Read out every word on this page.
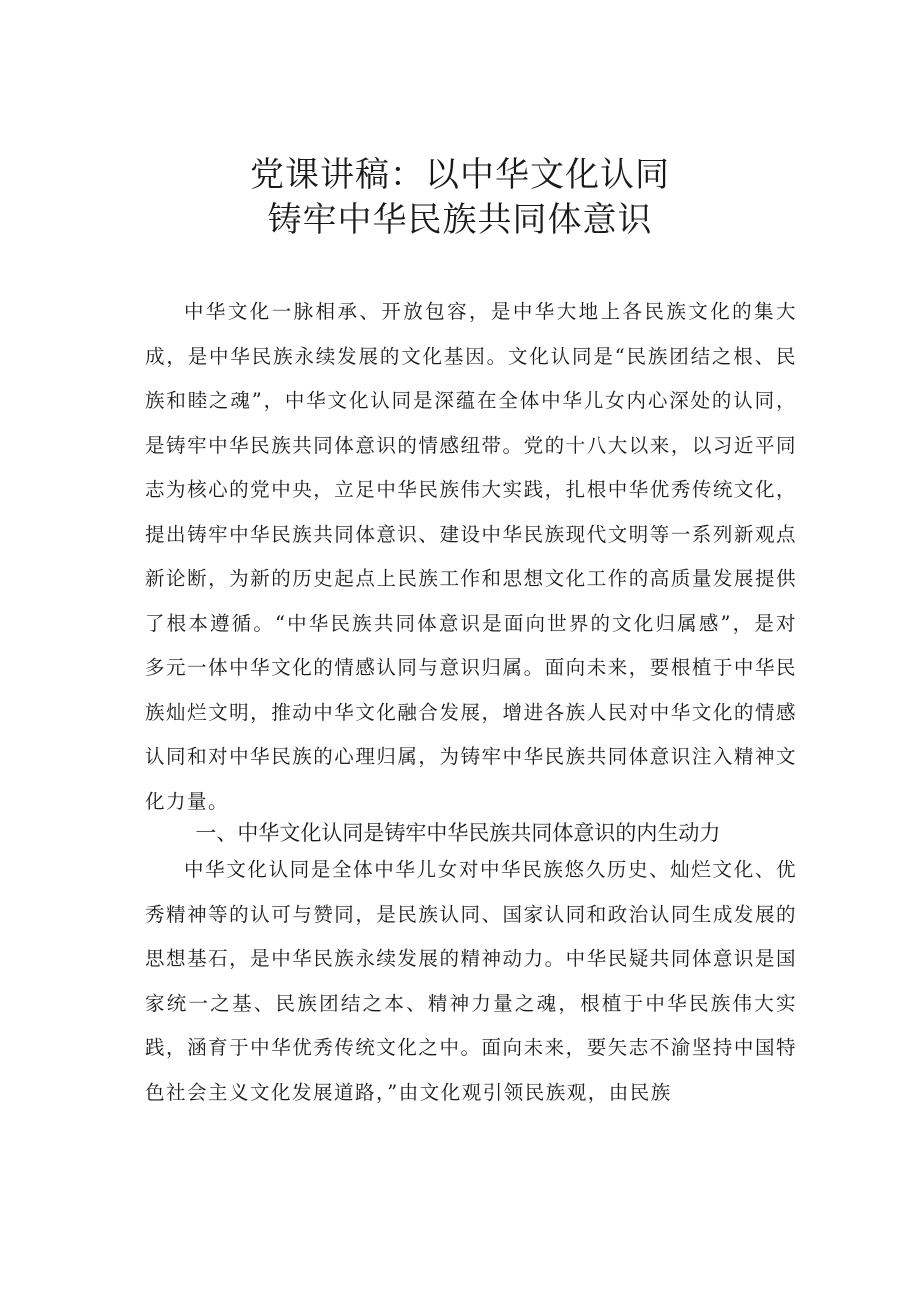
党课讲稿：以中华文化认同
铸牢中华民族共同体意识

中华文化一脉相承、开放包容，是中华大地上各民族文化的集大成，是中华民族永续发展的文化基因。文化认同是“民族团结之根、民族和睦之魂”，中华文化认同是深蕴在全体中华儿女内心深处的认同，是铸牢中华民族共同体意识的情感纽带。党的十八大以来，以习近平同志为核心的党中央，立足中华民族伟大实践，扎根中华优秀传统文化，提出铸牢中华民族共同体意识、建设中华民族现代文明等一系列新观点新论断，为新的历史起点上民族工作和思想文化工作的高质量发展提供了根本遵循。“中华民族共同体意识是面向世界的文化归属感”，是对多元一体中华文化的情感认同与意识归属。面向未来，要根植于中华民族灿烂文明，推动中华文化融合发展，增进各族人民对中华文化的情感认同和对中华民族的心理归属，为铸牢中华民族共同体意识注入精神文化力量。

一、中华文化认同是铸牢中华民族共同体意识的内生动力

中华文化认同是全体中华儿女对中华民族悠久历史、灿烂文化、优秀精神等的认可与赞同，是民族认同、国家认同和政治认同生成发展的思想基石，是中华民族永续发展的精神动力。中华民疑共同体意识是国家统一之基、民族团结之本、精神力量之魂，根植于中华民族伟大实践，涵育于中华优秀传统文化之中。面向未来，要矢志不渝坚持中国特色社会主义文化发展道路，”由文化观引领民族观，由民族
